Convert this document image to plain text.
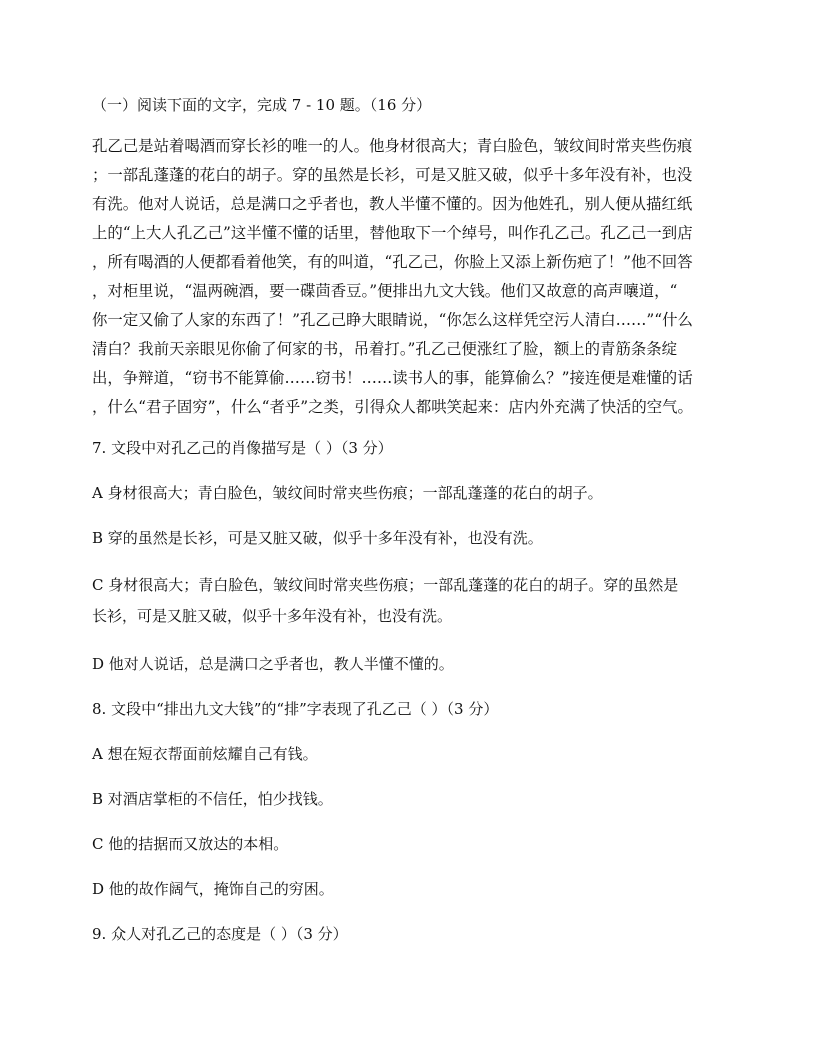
（一）阅读下面的文字，完成 7 - 10 题。（16 分）
孔乙己是站着喝酒而穿长衫的唯一的人。他身材很高大；青白脸色，皱纹间时常夹些伤痕
；一部乱蓬蓬的花白的胡子。穿的虽然是长衫，可是又脏又破，似乎十多年没有补，也没
有洗。他对人说话，总是满口之乎者也，教人半懂不懂的。因为他姓孔，别人便从描红纸
上的“上大人孔乙己”这半懂不懂的话里，替他取下一个绰号，叫作孔乙己。孔乙己一到店
，所有喝酒的人便都看着他笑，有的叫道，“孔乙己，你脸上又添上新伤疤了！”他不回答
，对柜里说，“温两碗酒，要一碟茴香豆。”便排出九文大钱。他们又故意的高声嚷道，“
你一定又偷了人家的东西了！”孔乙己睁大眼睛说，“你怎么这样凭空污人清白……”“什么
清白？我前天亲眼见你偷了何家的书，吊着打。”孔乙己便涨红了脸，额上的青筋条条绽
出，争辩道，“窃书不能算偷……窃书！……读书人的事，能算偷么？”接连便是难懂的话
，什么“君子固穷”，什么“者乎”之类，引得众人都哄笑起来：店内外充满了快活的空气。
7. 文段中对孔乙己的肖像描写是（ ）（3 分）
A 身材很高大；青白脸色，皱纹间时常夹些伤痕；一部乱蓬蓬的花白的胡子。
B 穿的虽然是长衫，可是又脏又破，似乎十多年没有补，也没有洗。
C 身材很高大；青白脸色，皱纹间时常夹些伤痕；一部乱蓬蓬的花白的胡子。穿的虽然是
长衫，可是又脏又破，似乎十多年没有补，也没有洗。
D 他对人说话，总是满口之乎者也，教人半懂不懂的。
8. 文段中“排出九文大钱”的“排”字表现了孔乙己（ ）（3 分）
A 想在短衣帮面前炫耀自己有钱。
B 对酒店掌柜的不信任，怕少找钱。
C 他的拮据而又放达的本相。
D 他的故作阔气，掩饰自己的穷困。
9. 众人对孔乙己的态度是（ ）（3 分）
